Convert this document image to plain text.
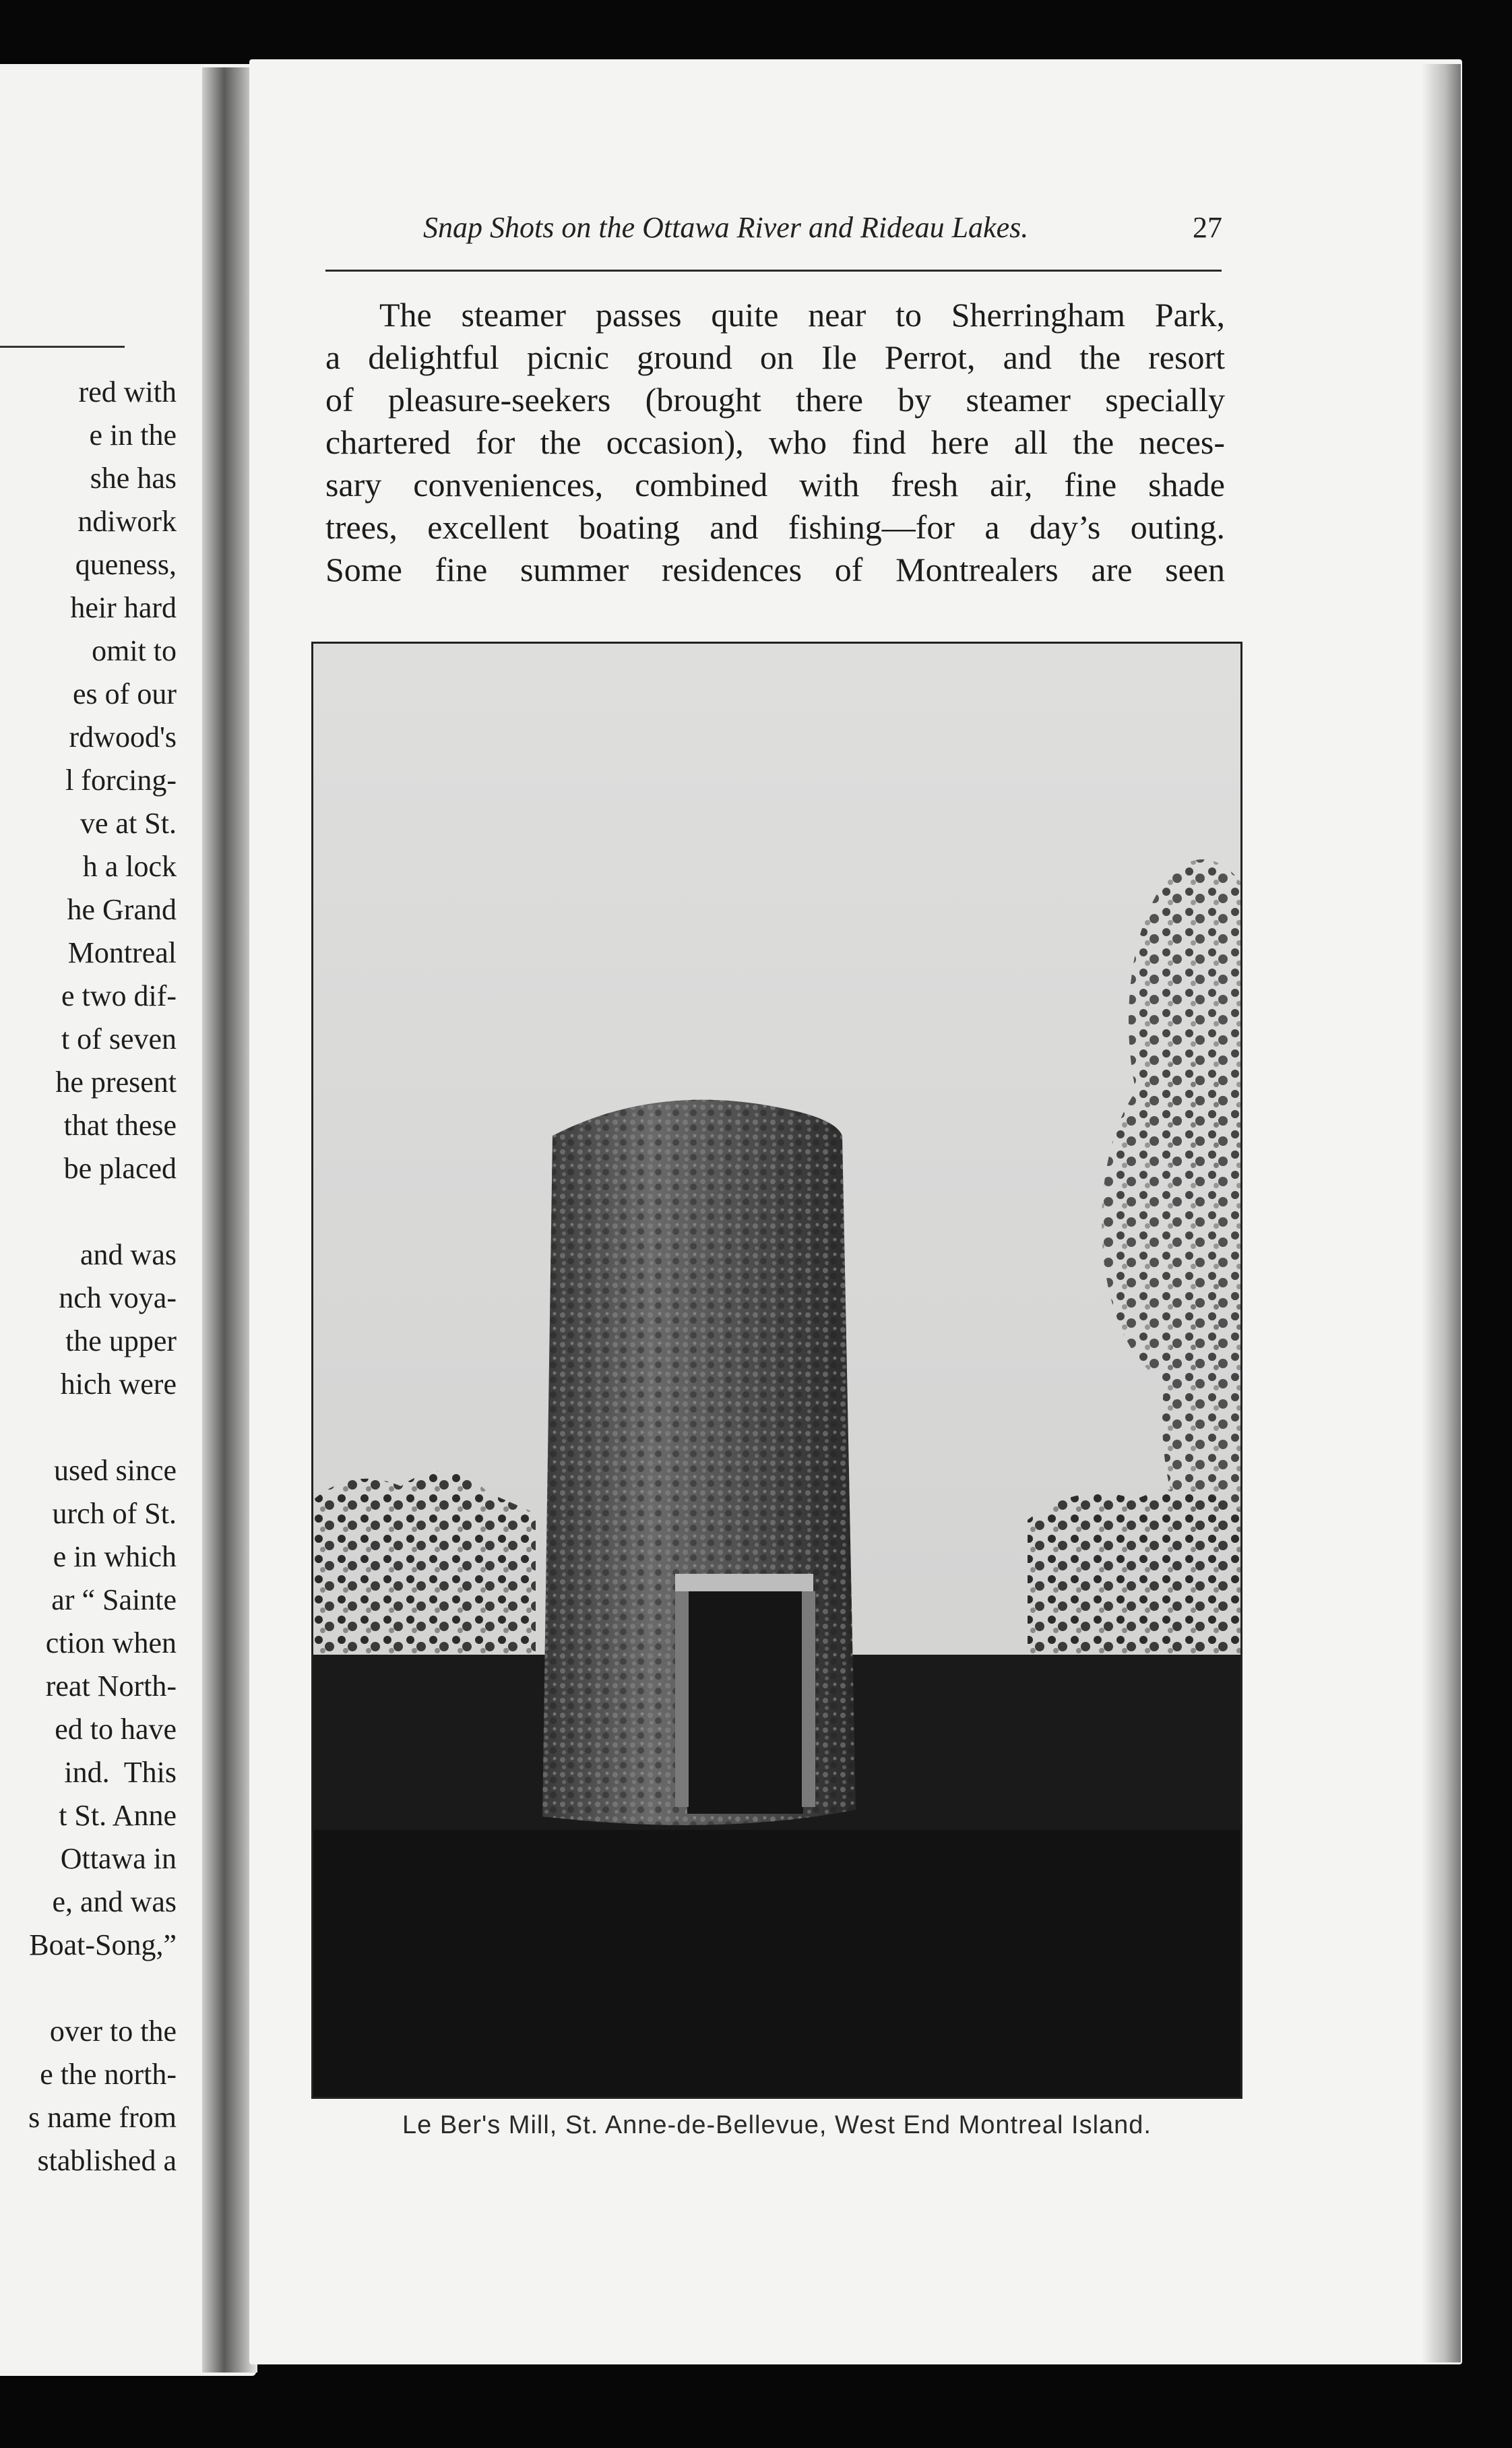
red with
e in the
she has
ndiwork
queness,
heir hard
omit to
es of our
rdwood's
l forcing-
ve at St.
h a lock
he Grand
Montreal
e two dif-
t of seven
he present
that these
be placed
and was
nch voya-
the upper
hich were
used since
urch of St.
e in which
ar “ Sainte
ction when
reat North-
ed to have
ind.  This
t St. Anne
Ottawa in
e, and was
Boat-Song,”
over to the
e the north-
s name from
stablished a
Snap Shots on the Ottawa River and Rideau Lakes.	27
The steamer passes quite near to Sherringham Park,
a delightful picnic ground on Ile Perrot, and the resort
of pleasure-seekers (brought there by steamer specially
chartered for the occasion), who find here all the neces-
sary conveniences, combined with fresh air, fine shade
trees, excellent boating and fishing—for a day’s outing.
Some fine summer residences of Montrealers are seen
Le Ber's Mill, St. Anne-de-Bellevue, West End Montreal Island.
